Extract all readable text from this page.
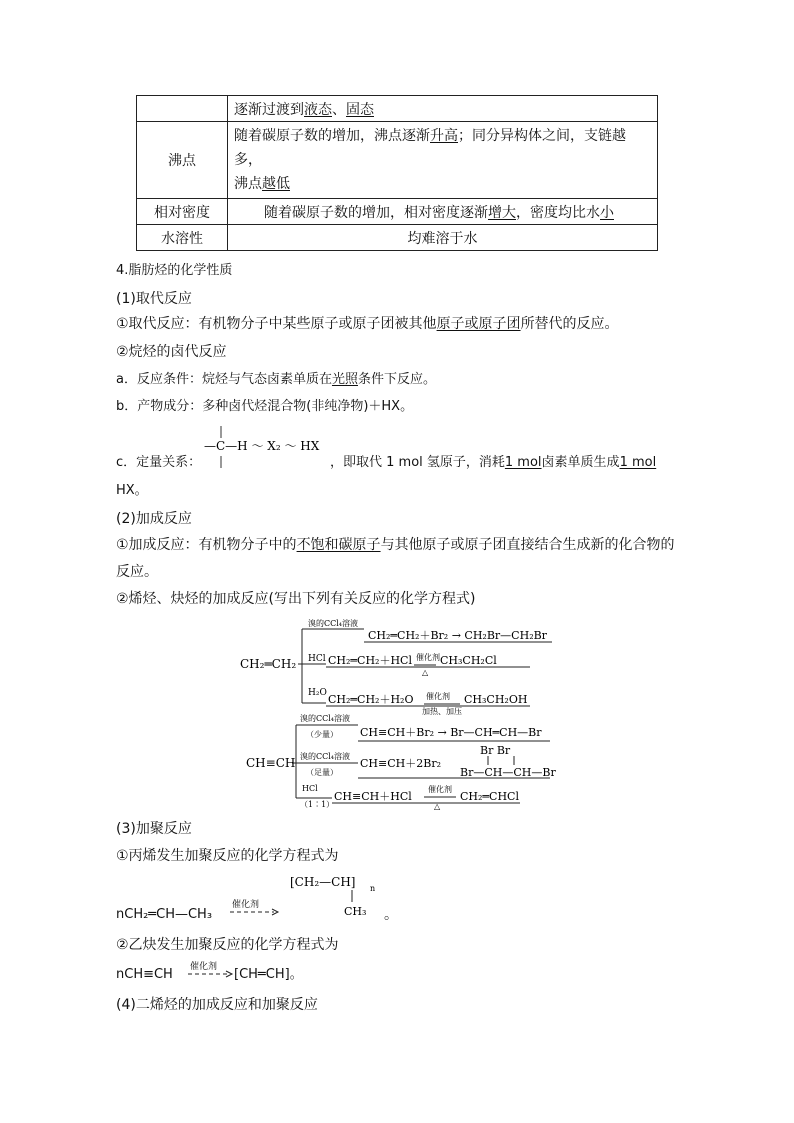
	逐渐过渡到液态、固态
沸点	随着碳原子数的增加，沸点逐渐升高；同分异构体之间，支链越多，
沸点越低
相对密度	随着碳原子数的增加，相对密度逐渐增大，密度均比水小
水溶性	均难溶于水
4.脂肪烃的化学性质
(1)取代反应
①取代反应：有机物分子中某些原子或原子团被其他原子或原子团所替代的反应。
②烷烃的卤代反应
a．反应条件：烷烃与气态卤素单质在光照条件下反应。
b．产物成分：多种卤代烃混合物(非纯净物)＋HX。
c．定量关系：
—C—H ～ X₂ ～ HX
，即取代 1 mol 氢原子，消耗1 mol卤素单质生成1 mol
HX。
(2)加成反应
①加成反应：有机物分子中的不饱和碳原子与其他原子或原子团直接结合生成新的化合物的
反应。
②烯烃、炔烃的加成反应(写出下列有关反应的化学方程式)
CH₂═CH₂
溴的CCl₄溶液
CH₂═CH₂＋Br₂ → CH₂Br—CH₂Br
HCl CH₂═CH₂＋HCl 催化剂
△
CH₃CH₂Cl
H₂O CH₂═CH₂＋H₂O 催化剂
加热、加压
CH₃CH₂OH
CH≡CH
溴的CCl₄溶液
（少量） CH≡CH＋Br₂ → Br—CH═CH—Br
溴的CCl₄溶液
（足量）
CH≡CH＋2Br₂
Br Br
Br—CH—CH—Br
HCl
（1∶1）
CH≡CH＋HCl
催化剂
△
CH₂═CHCl
(3)加聚反应
①丙烯发生加聚反应的化学方程式为
nCH₂═CH—CH₃
催化剂
[CH₂—CH] n
CH₃ 。
②乙炔发生加聚反应的化学方程式为
nCH≡CH 催化剂 [CH═CH]。
(4)二烯烃的加成反应和加聚反应
